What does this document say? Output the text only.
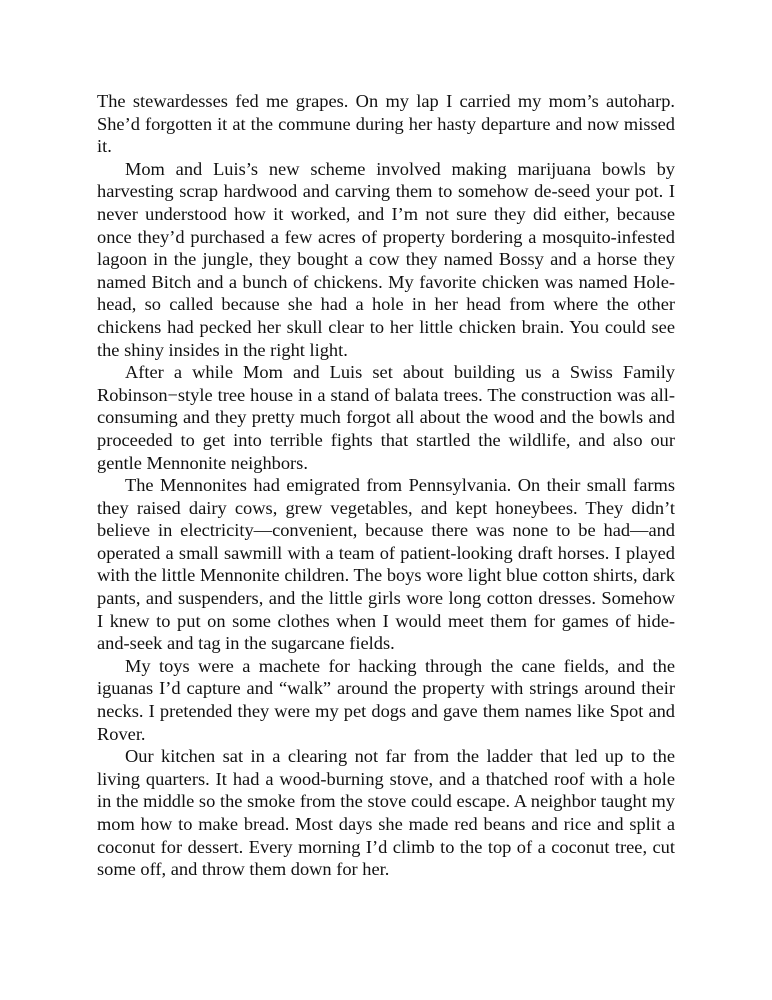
The stewardesses fed me grapes. On my lap I carried my mom’s autoharp. She’d forgotten it at the commune during her hasty departure and now missed it.

Mom and Luis’s new scheme involved making marijuana bowls by harvesting scrap hardwood and carving them to somehow de-seed your pot. I never understood how it worked, and I’m not sure they did either, because once they’d purchased a few acres of property bordering a mosquito-infested lagoon in the jungle, they bought a cow they named Bossy and a horse they named Bitch and a bunch of chickens. My favorite chicken was named Hole-head, so called because she had a hole in her head from where the other chickens had pecked her skull clear to her little chicken brain. You could see the shiny insides in the right light.

After a while Mom and Luis set about building us a Swiss Family Robinson−style tree house in a stand of balata trees. The construction was all-consuming and they pretty much forgot all about the wood and the bowls and proceeded to get into terrible fights that startled the wildlife, and also our gentle Mennonite neighbors.

The Mennonites had emigrated from Pennsylvania. On their small farms they raised dairy cows, grew vegetables, and kept honeybees. They didn’t believe in electricity—convenient, because there was none to be had—and operated a small sawmill with a team of patient-looking draft horses. I played with the little Mennonite children. The boys wore light blue cotton shirts, dark pants, and suspenders, and the little girls wore long cotton dresses. Somehow I knew to put on some clothes when I would meet them for games of hide-and-seek and tag in the sugarcane fields.

My toys were a machete for hacking through the cane fields, and the iguanas I’d capture and “walk” around the property with strings around their necks. I pretended they were my pet dogs and gave them names like Spot and Rover.

Our kitchen sat in a clearing not far from the ladder that led up to the living quarters. It had a wood-burning stove, and a thatched roof with a hole in the middle so the smoke from the stove could escape. A neighbor taught my mom how to make bread. Most days she made red beans and rice and split a coconut for dessert. Every morning I’d climb to the top of a coconut tree, cut some off, and throw them down for her.
